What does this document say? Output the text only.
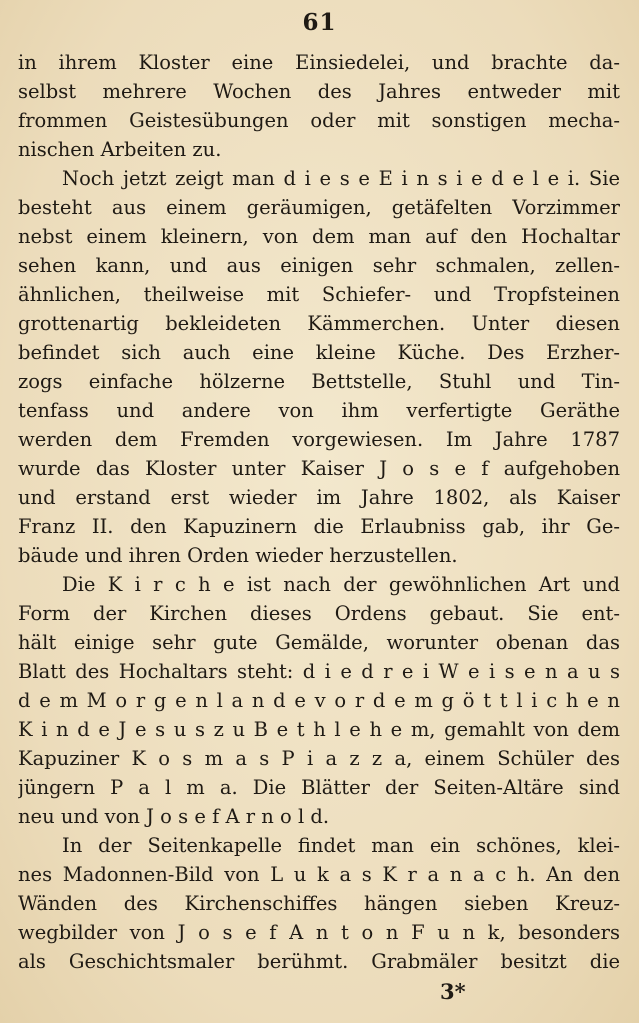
61
in ihrem Kloster eine Einsiedelei, und brachte da-
selbst mehrere Wochen des Jahres entweder mit
frommen Geistesübungen oder mit sonstigen mecha-
nischen Arbeiten zu.
Noch jetzt zeigt man d i e s e E i n s i e d e l e i. Sie
besteht aus einem geräumigen, getäfelten Vorzimmer
nebst einem kleinern, von dem man auf den Hochaltar
sehen kann, und aus einigen sehr schmalen, zellen-
ähnlichen, theilweise mit Schiefer- und Tropfsteinen
grottenartig bekleideten Kämmerchen. Unter diesen
befindet sich auch eine kleine Küche. Des Erzher-
zogs einfache hölzerne Bettstelle, Stuhl und Tin-
tenfass und andere von ihm verfertigte Geräthe
werden dem Fremden vorgewiesen. Im Jahre 1787
wurde das Kloster unter Kaiser J o s e f aufgehoben
und erstand erst wieder im Jahre 1802, als Kaiser
Franz II. den Kapuzinern die Erlaubniss gab, ihr Ge-
bäude und ihren Orden wieder herzustellen.
Die K i r c h e ist nach der gewöhnlichen Art und
Form der Kirchen dieses Ordens gebaut. Sie ent-
hält einige sehr gute Gemälde, worunter obenan das
Blatt des Hochaltars steht: d i e d r e i W e i s e n a u s
d e m M o r g e n l a n d e v o r d e m g ö t t l i c h e n
K i n d e J e s u s z u B e t h l e h e m, gemahlt von dem
Kapuziner K o s m a s P i a z z a, einem Schüler des
jüngern P a l m a. Die Blätter der Seiten-Altäre sind
neu und von J o s e f A r n o l d.
In der Seitenkapelle findet man ein schönes, klei-
nes Madonnen-Bild von L u k a s K r a n a c h. An den
Wänden des Kirchenschiffes hängen sieben Kreuz-
wegbilder von J o s e f A n t o n F u n k, besonders
als Geschichtsmaler berühmt. Grabmäler besitzt die
3*
